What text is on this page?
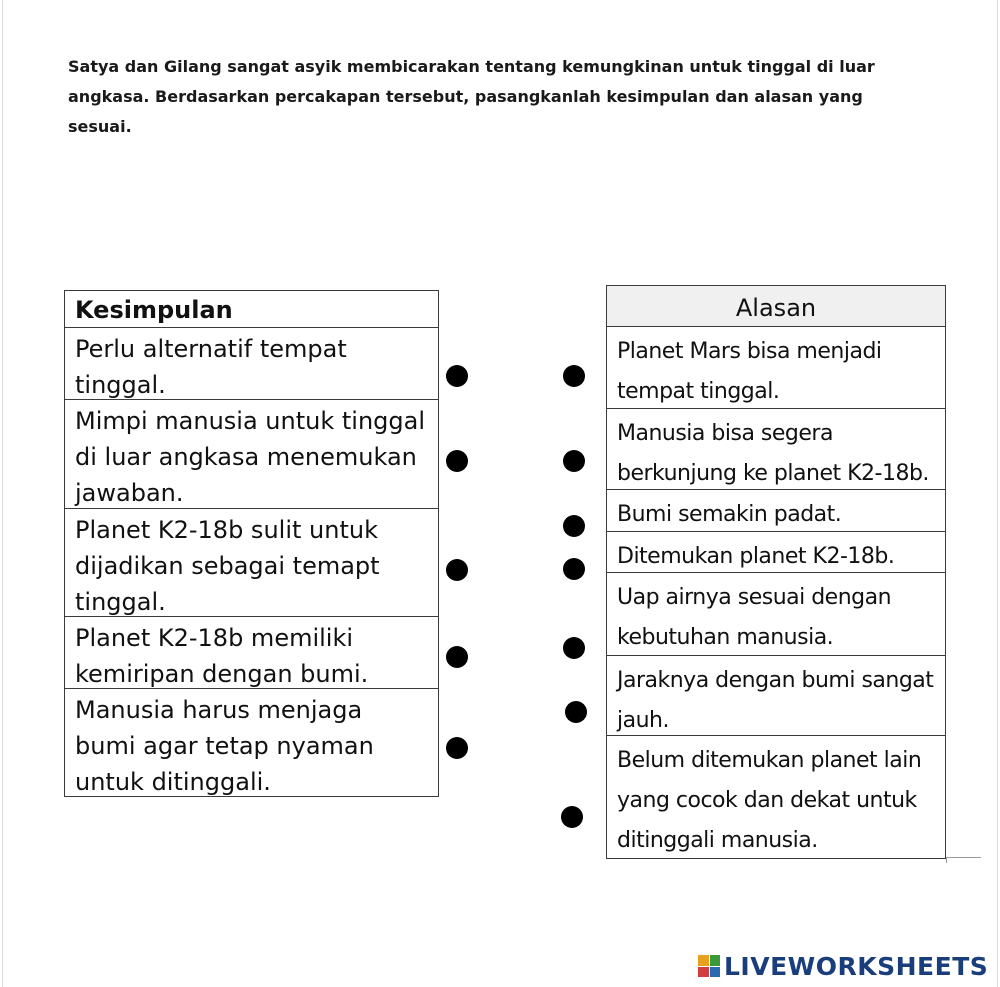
Satya dan Gilang sangat asyik membicarakan tentang kemungkinan untuk tinggal di luar angkasa. Berdasarkan percakapan tersebut, pasangkanlah kesimpulan dan alasan yang sesuai.
Kesimpulan
Perlu alternatif tempat tinggal.
Mimpi manusia untuk tinggal di luar angkasa menemukan jawaban.
Planet K2-18b sulit untuk dijadikan sebagai temapt tinggal.
Planet K2-18b memiliki kemiripan dengan bumi.
Manusia harus menjaga bumi agar tetap nyaman untuk ditinggali.
Alasan
Planet Mars bisa menjadi tempat tinggal.
Manusia bisa segera berkunjung ke planet K2-18b.
Bumi semakin padat.
Ditemukan planet K2-18b.
Uap airnya sesuai dengan kebutuhan manusia.
Jaraknya dengan bumi sangat jauh.
Belum ditemukan planet lain yang cocok dan dekat untuk ditinggali manusia.
LIVEWORKSHEETS
